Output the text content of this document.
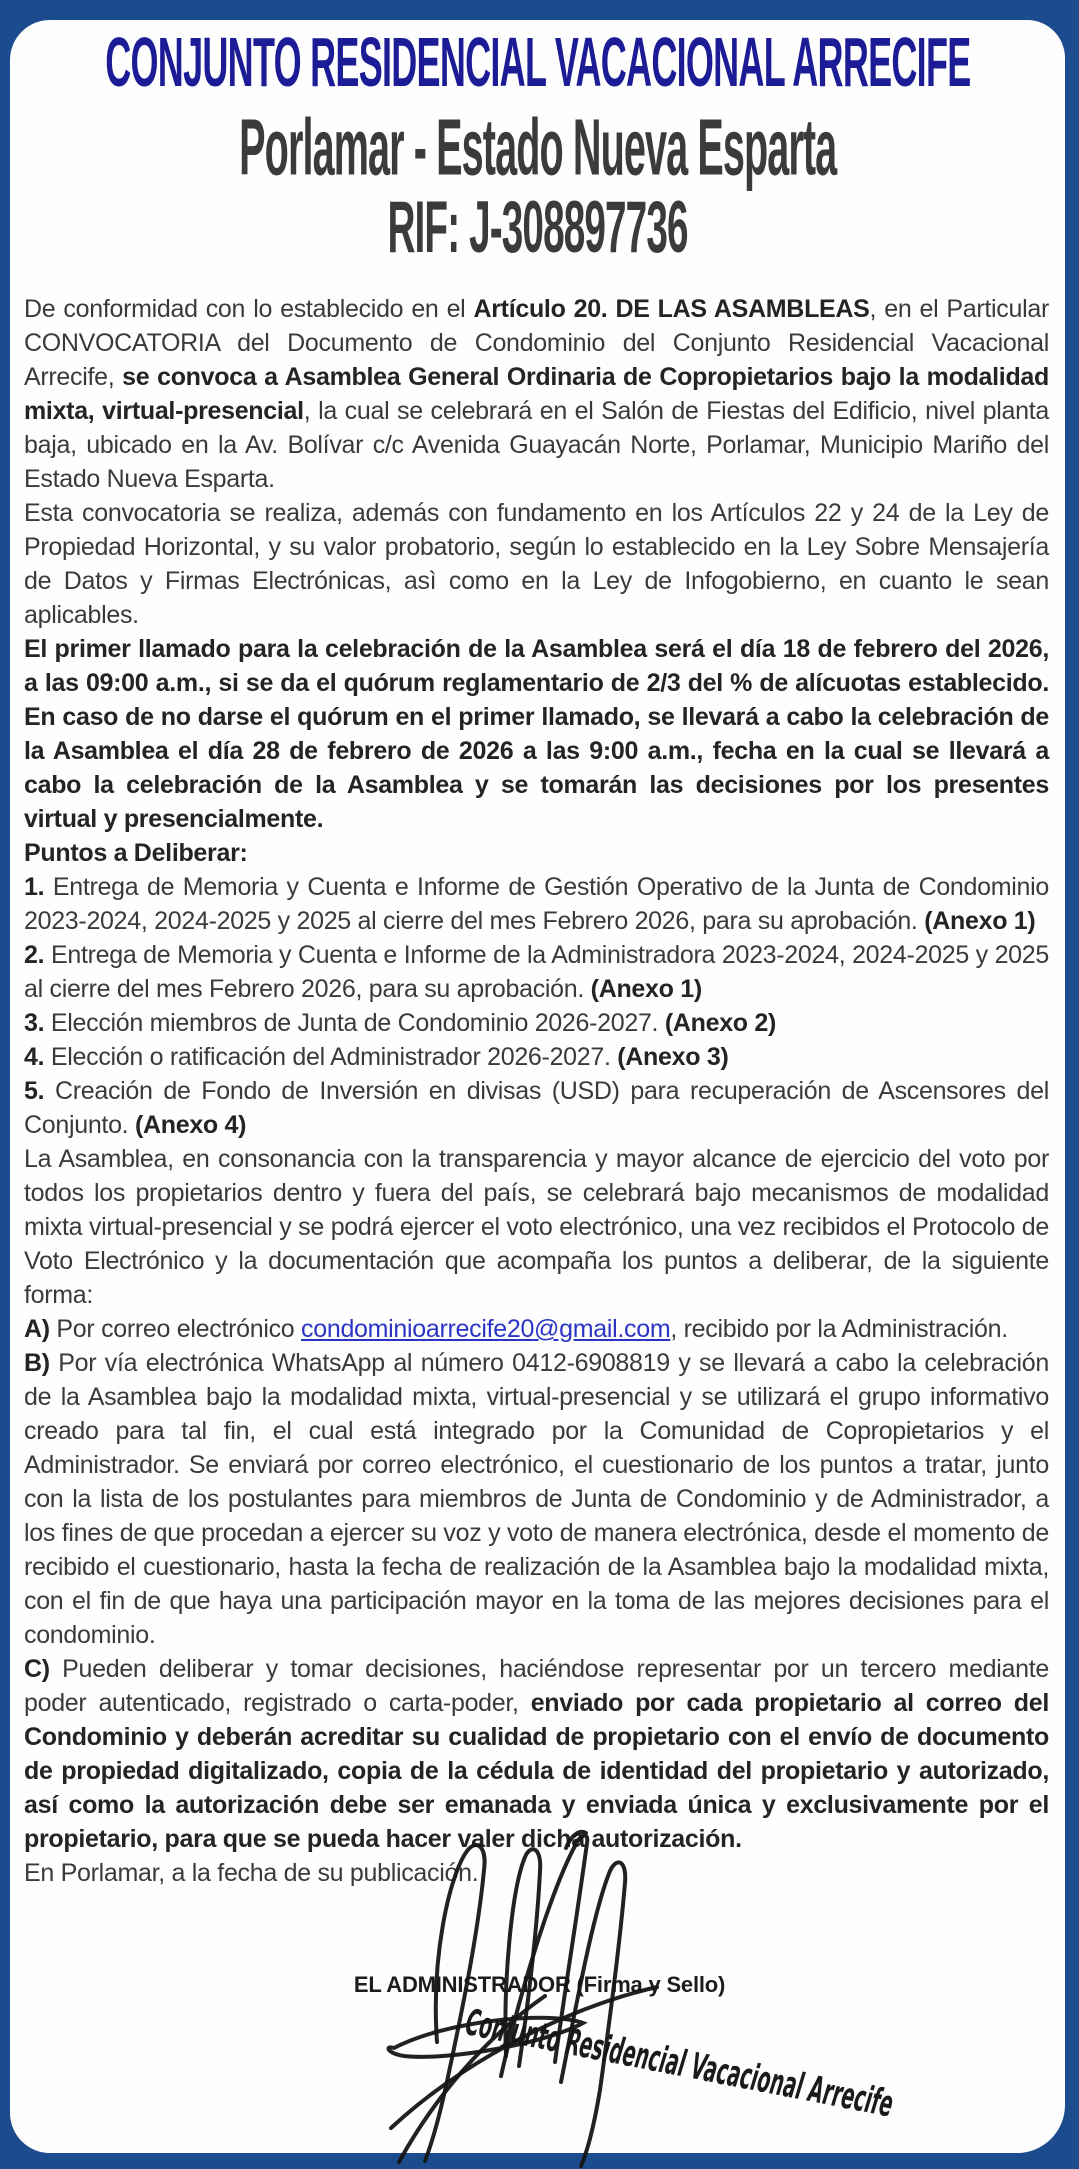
CONJUNTO RESIDENCIAL VACACIONAL ARRECIFE
Porlamar - Estado Nueva Esparta
RIF: J-308897736

De conformidad con lo establecido en el Artículo 20. DE LAS ASAMBLEAS, en el Particular CONVOCATORIA del Documento de Condominio del Conjunto Residencial Vacacional Arrecife, se convoca a Asamblea General Ordinaria de Copropietarios bajo la modalidad mixta, virtual-presencial, la cual se celebrará en el Salón de Fiestas del Edificio, nivel planta baja, ubicado en la Av. Bolívar c/c Avenida Guayacán Norte, Porlamar, Municipio Mariño del Estado Nueva Esparta.

Esta convocatoria se realiza, además con fundamento en los Artículos 22 y 24 de la Ley de Propiedad Horizontal, y su valor probatorio, según lo establecido en la Ley Sobre Mensajería de Datos y Firmas Electrónicas, asì como en la Ley de Infogobierno, en cuanto le sean aplicables.

El primer llamado para la celebración de la Asamblea será el día 18 de febrero del 2026, a las 09:00 a.m., si se da el quórum reglamentario de 2/3 del % de alícuotas establecido. En caso de no darse el quórum en el primer llamado, se llevará a cabo la celebración de la Asamblea el día 28 de febrero de 2026 a las 9:00 a.m., fecha en la cual se llevará a cabo la celebración de la Asamblea y se tomarán las decisiones por los presentes virtual y presencialmente.

Puntos a Deliberar:

1. Entrega de Memoria y Cuenta e Informe de Gestión Operativo de la Junta de Condominio 2023-2024, 2024-2025 y 2025 al cierre del mes Febrero 2026, para su aprobación. (Anexo 1)

2. Entrega de Memoria y Cuenta e Informe de la Administradora 2023-2024, 2024-2025 y 2025 al cierre del mes Febrero 2026, para su aprobación. (Anexo 1)

3. Elección miembros de Junta de Condominio 2026-2027. (Anexo 2)

4. Elección o ratificación del Administrador 2026-2027. (Anexo 3)

5. Creación de Fondo de Inversión en divisas (USD) para recuperación de Ascensores del Conjunto. (Anexo 4)

La Asamblea, en consonancia con la transparencia y mayor alcance de ejercicio del voto por todos los propietarios dentro y fuera del país, se celebrará bajo mecanismos de modalidad mixta virtual-presencial y se podrá ejercer el voto electrónico, una vez recibidos el Protocolo de Voto Electrónico y la documentación que acompaña los puntos a deliberar, de la siguiente forma:

A) Por correo electrónico condominioarrecife20@gmail.com, recibido por la Administración.

B) Por vía electrónica WhatsApp al número 0412-6908819 y se llevará a cabo la celebración de la Asamblea bajo la modalidad mixta, virtual-presencial y se utilizará el grupo informativo creado para tal fin, el cual está integrado por la Comunidad de Copropietarios y el Administrador. Se enviará por correo electrónico, el cuestionario de los puntos a tratar, junto con la lista de los postulantes para miembros de Junta de Condominio y de Administrador, a los fines de que procedan a ejercer su voz y voto de manera electrónica, desde el momento de recibido el cuestionario, hasta la fecha de realización de la Asamblea bajo la modalidad mixta, con el fin de que haya una participación mayor en la toma de las mejores decisiones para el condominio.

C) Pueden deliberar y tomar decisiones, haciéndose representar por un tercero mediante poder autenticado, registrado o carta-poder, enviado por cada propietario al correo del Condominio y deberán acreditar su cualidad de propietario con el envío de documento de propiedad digitalizado, copia de la cédula de identidad del propietario y autorizado, así como la autorización debe ser emanada y enviada única y exclusivamente por el propietario, para que se pueda hacer valer dicha autorización.

En Porlamar, a la fecha de su publicación.

EL ADMINISTRADOR (Firma y Sello)
Conjunto Residencial Vacacional Arrecife
